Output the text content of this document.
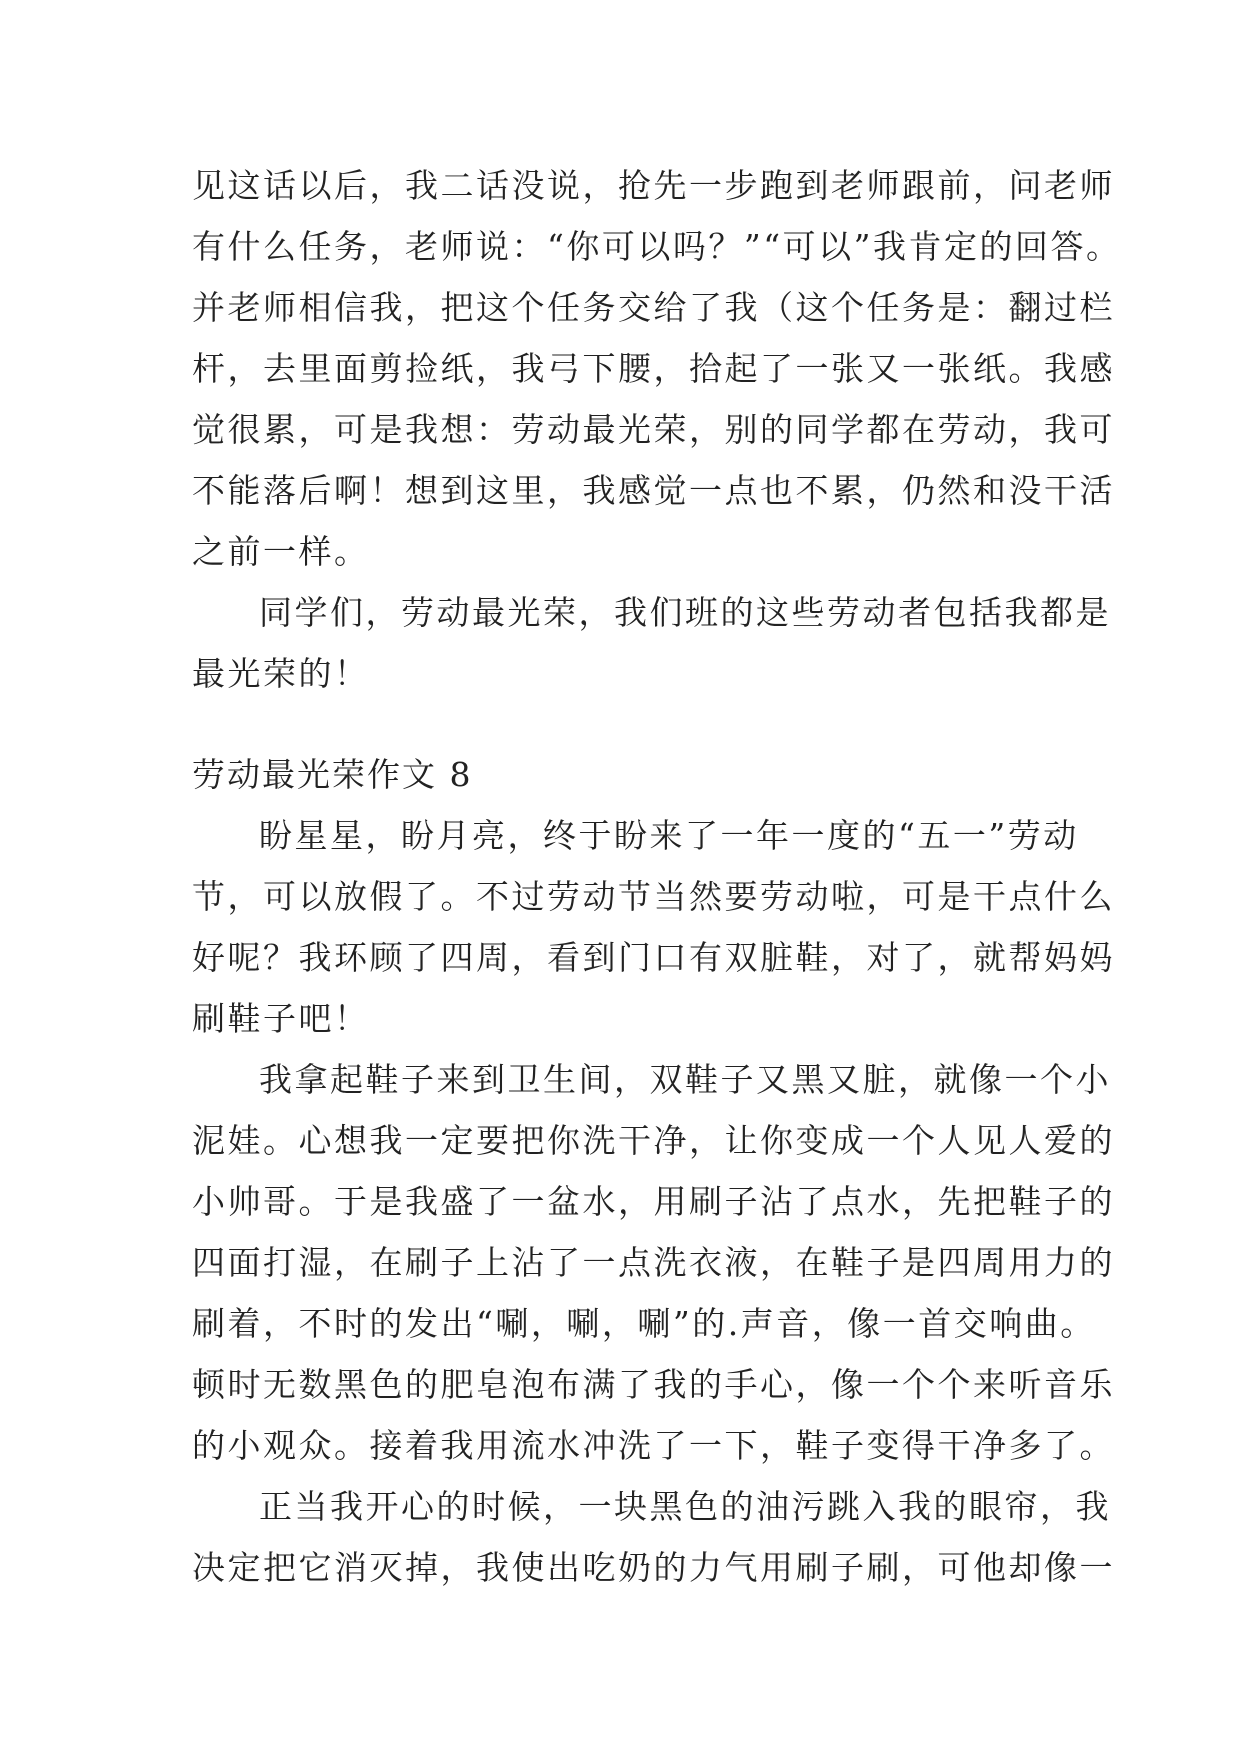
见这话以后，我二话没说，抢先一步跑到老师跟前，问老师
有什么任务，老师说：“你可以吗？”“可以”我肯定的回答。
并老师相信我，把这个任务交给了我（这个任务是：翻过栏
杆，去里面剪捡纸，我弓下腰，拾起了一张又一张纸。我感
觉很累，可是我想：劳动最光荣，别的同学都在劳动，我可
不能落后啊！想到这里，我感觉一点也不累，仍然和没干活
之前一样。
同学们，劳动最光荣，我们班的这些劳动者包括我都是
最光荣的！
劳动最光荣作文 8
盼星星，盼月亮，终于盼来了一年一度的“五一”劳动
节，可以放假了。不过劳动节当然要劳动啦，可是干点什么
好呢？我环顾了四周，看到门口有双脏鞋，对了，就帮妈妈
刷鞋子吧！
我拿起鞋子来到卫生间，双鞋子又黑又脏，就像一个小
泥娃。心想我一定要把你洗干净，让你变成一个人见人爱的
小帅哥。于是我盛了一盆水，用刷子沾了点水，先把鞋子的
四面打湿，在刷子上沾了一点洗衣液，在鞋子是四周用力的
刷着，不时的发出“唰，唰，唰”的.声音，像一首交响曲。
顿时无数黑色的肥皂泡布满了我的手心，像一个个来听音乐
的小观众。接着我用流水冲洗了一下，鞋子变得干净多了。
正当我开心的时候，一块黑色的油污跳入我的眼帘，我
决定把它消灭掉，我使出吃奶的力气用刷子刷，可他却像一
